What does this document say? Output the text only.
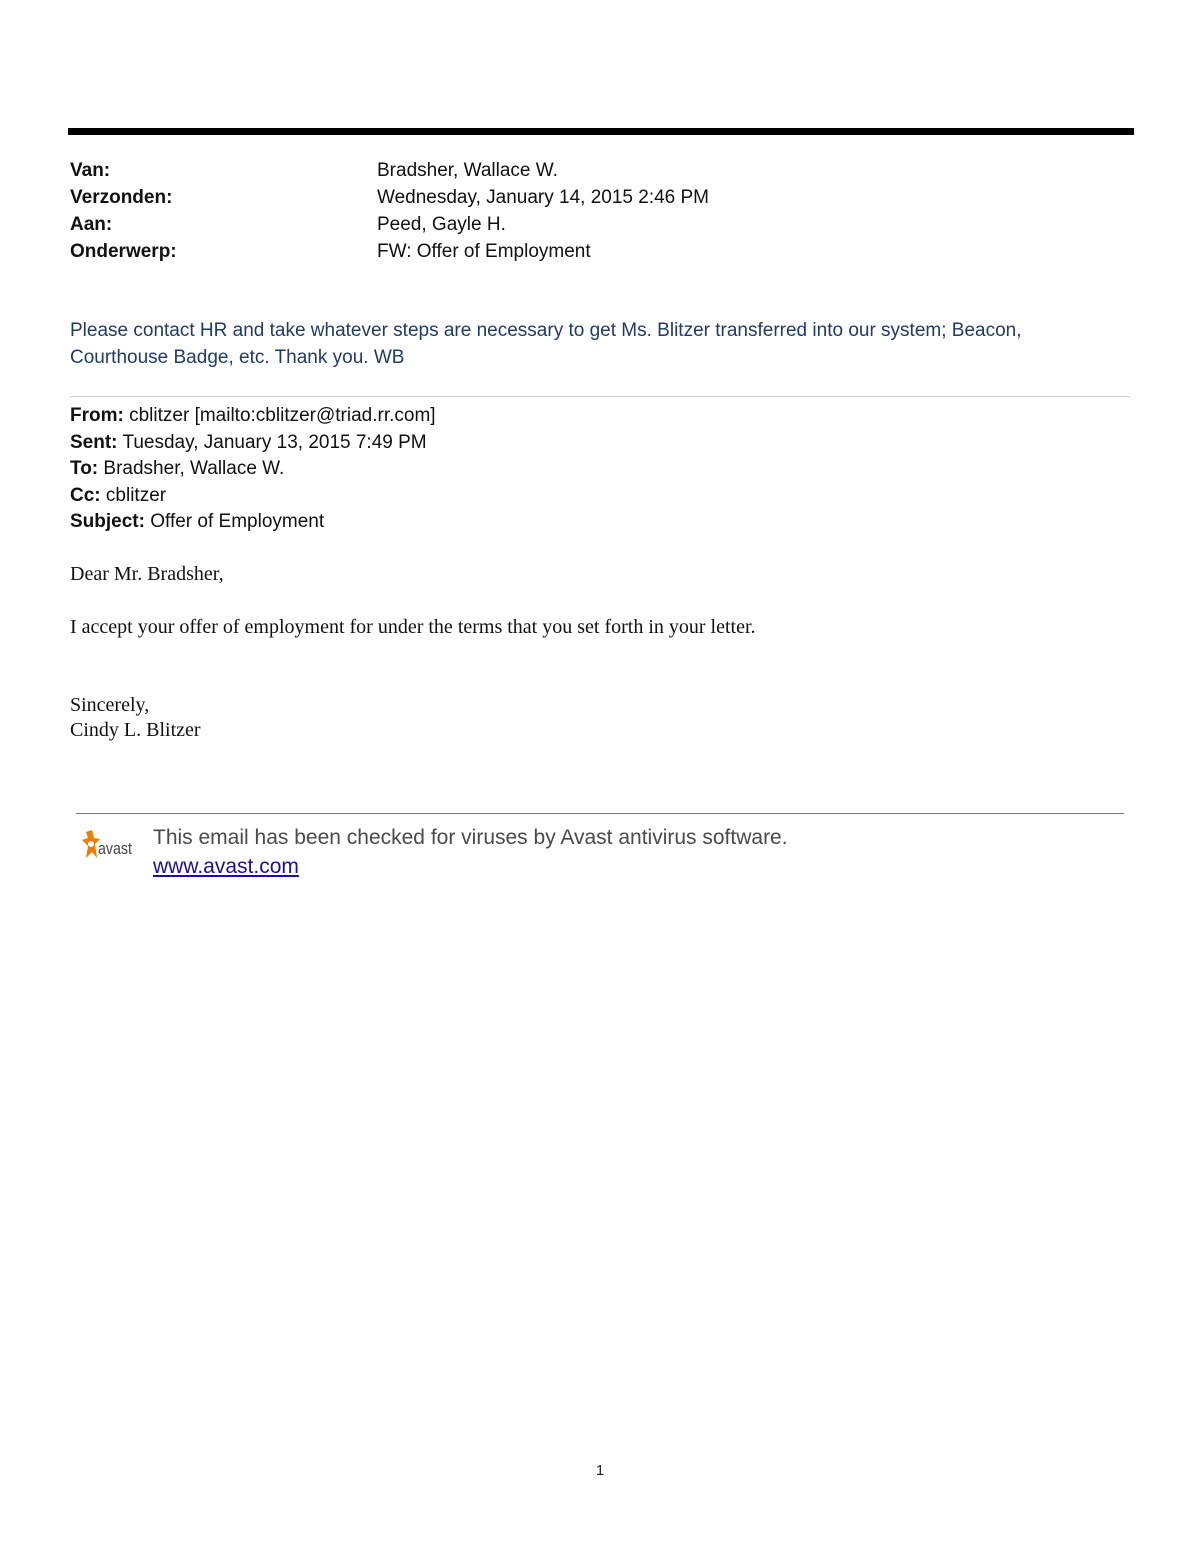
Van:	Bradsher, Wallace W.
Verzonden:	Wednesday, January 14, 2015 2:46 PM
Aan:	Peed, Gayle H.
Onderwerp:	FW: Offer of Employment
Please contact HR and take whatever steps are necessary to get Ms. Blitzer transferred into our system; Beacon,
Courthouse Badge, etc. Thank you. WB
From: cblitzer [mailto:cblitzer@triad.rr.com]
Sent: Tuesday, January 13, 2015 7:49 PM
To: Bradsher, Wallace W.
Cc: cblitzer
Subject: Offer of Employment
Dear Mr. Bradsher,
I accept your offer of employment for under the terms that you set forth in your letter.
Sincerely,
Cindy L. Blitzer
avast This email has been checked for viruses by Avast antivirus software.
www.avast.com
1
